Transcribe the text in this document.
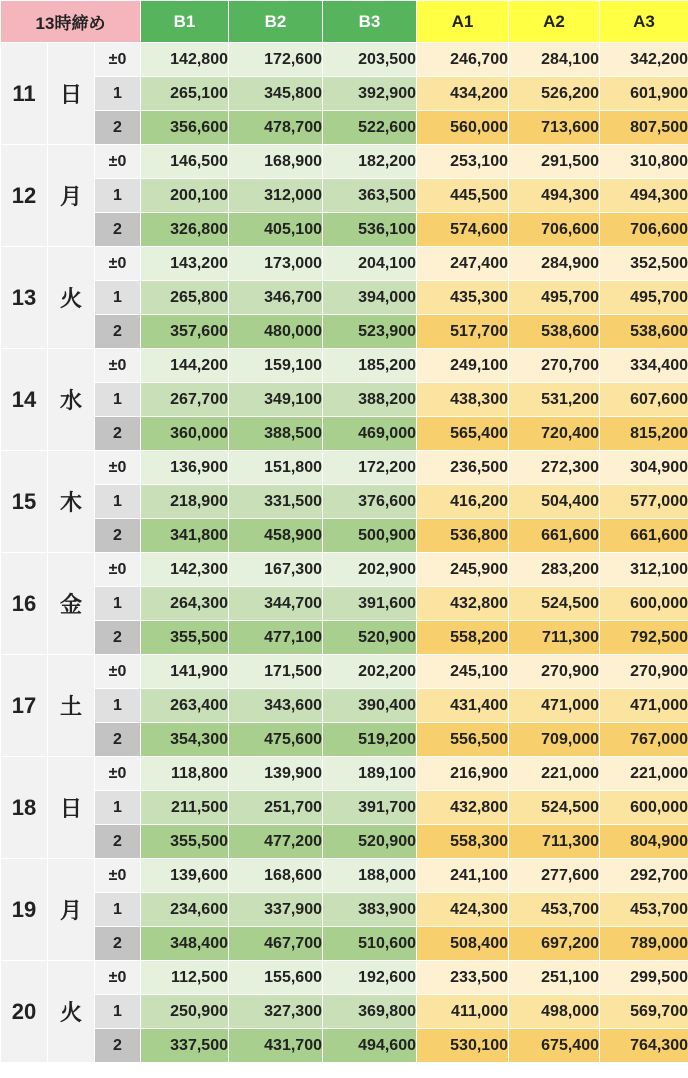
13時締め			B1	B2	B3	A1	A2	A3
11	日	±0	142,800	172,600	203,500	246,700	284,100	342,200
		1	265,100	345,800	392,900	434,200	526,200	601,900
		2	356,600	478,700	522,600	560,000	713,600	807,500
12	月	±0	146,500	168,900	182,200	253,100	291,500	310,800
		1	200,100	312,000	363,500	445,500	494,300	494,300
		2	326,800	405,100	536,100	574,600	706,600	706,600
13	火	±0	143,200	173,000	204,100	247,400	284,900	352,500
		1	265,800	346,700	394,000	435,300	495,700	495,700
		2	357,600	480,000	523,900	517,700	538,600	538,600
14	水	±0	144,200	159,100	185,200	249,100	270,700	334,400
		1	267,700	349,100	388,200	438,300	531,200	607,600
		2	360,000	388,500	469,000	565,400	720,400	815,200
15	木	±0	136,900	151,800	172,200	236,500	272,300	304,900
		1	218,900	331,500	376,600	416,200	504,400	577,000
		2	341,800	458,900	500,900	536,800	661,600	661,600
16	金	±0	142,300	167,300	202,900	245,900	283,200	312,100
		1	264,300	344,700	391,600	432,800	524,500	600,000
		2	355,500	477,100	520,900	558,200	711,300	792,500
17	土	±0	141,900	171,500	202,200	245,100	270,900	270,900
		1	263,400	343,600	390,400	431,400	471,000	471,000
		2	354,300	475,600	519,200	556,500	709,000	767,000
18	日	±0	118,800	139,900	189,100	216,900	221,000	221,000
		1	211,500	251,700	391,700	432,800	524,500	600,000
		2	355,500	477,200	520,900	558,300	711,300	804,900
19	月	±0	139,600	168,600	188,000	241,100	277,600	292,700
		1	234,600	337,900	383,900	424,300	453,700	453,700
		2	348,400	467,700	510,600	508,400	697,200	789,000
20	火	±0	112,500	155,600	192,600	233,500	251,100	299,500
		1	250,900	327,300	369,800	411,000	498,000	569,700
		2	337,500	431,700	494,600	530,100	675,400	764,300
